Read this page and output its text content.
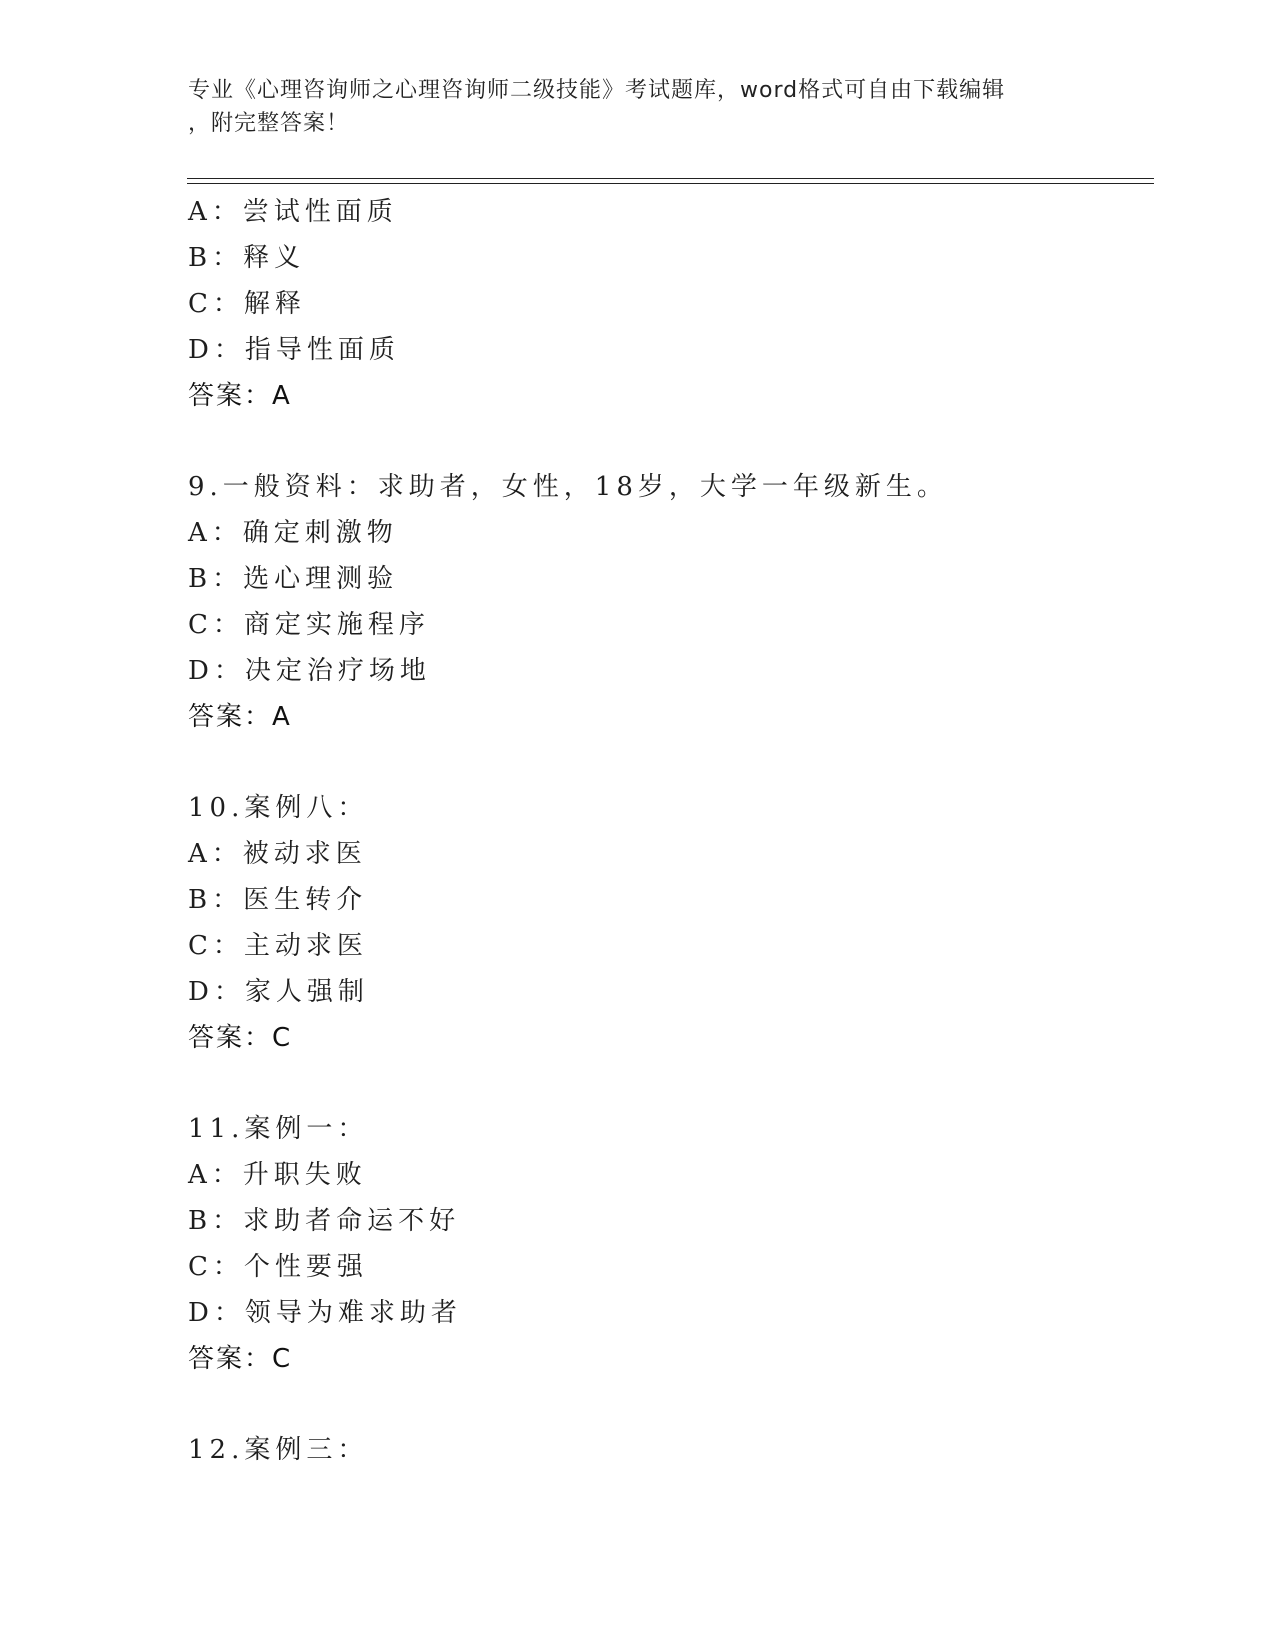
专业《心理咨询师之心理咨询师二级技能》考试题库，word格式可自由下载编辑
，附完整答案！
A：尝试性面质
B：释义
C：解释
D：指导性面质
答案：A
9.一般资料：求助者，女性，18岁，大学一年级新生。
A：确定刺激物
B：选心理测验
C：商定实施程序
D：决定治疗场地
答案：A
10.案例八：
A：被动求医
B：医生转介
C：主动求医
D：家人强制
答案：C
11.案例一：
A：升职失败
B：求助者命运不好
C：个性要强
D：领导为难求助者
答案：C
12.案例三：
